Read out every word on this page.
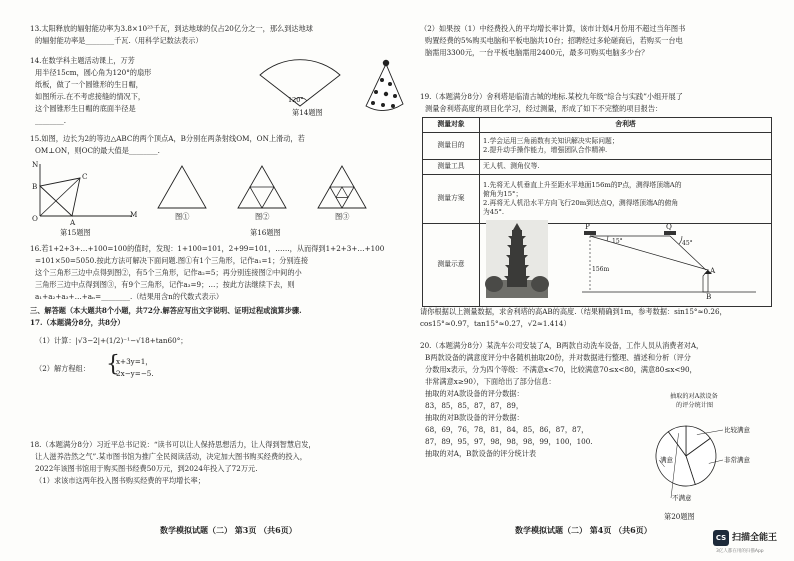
13.太阳释放的辐射能功率为3.8×10²³千瓦，到达地球的仅占20亿分之一，那么到达地球
的辐射能功率是________千瓦.（用科学记数法表示）
14.在数学科主题活动课上，万芳
用半径15cm，圆心角为120°的扇形
纸板，做了一个圆锥形的生日帽，
如图所示.在不考虑接缝的情况下，
这个圆锥形生日帽的底面半径是
________.
120°
第14题图
15.如图，边长为2的等边△ABC的两个顶点A，B分别在两条射线OM，ON上滑动，若
OM⊥ON，则OC的最大值是________.
N
B
C
O	A
M
第15题图
图①	图②	图③
第16题图
16.若1+2+3+…+100=100的值时，发现：1+100=101，2+99=101，……，从而得到1+2+3+…+100
=101×50=5050.按此方法可解决下面问题.图①有1个三角形，记作a₁=1；分别连接
这个三角形三边中点得到图②，有5个三角形，记作a₂=5；再分别连接图②中间的小
三角形三边中点得到图③，有9个三角形，记作a₃=9；…；按此方法继续下去，则
a₁+a₂+a₃+…+aₙ=________.（结果用含n的代数式表示）
三、解答题（本大题共8个小题，共72分.解答应写出文字说明、证明过程或演算步骤.
17.（本题满分8分，共8分）
（1）计算：|√3−2|+(1/2)⁻¹−√18+tan60°；
（2）解方程组： {
x+3y=1，
2x−y=−5.
18.（本题满分8分）习近平总书记说：“读书可以让人保持思想活力，让人得到智慧启发，
让人滋养浩然之气”.某市图书馆为推广全民阅读活动，决定加大图书购买经费的投入，
2022年该图书馆用于购买图书经费50万元，到2024年投入了72万元.
（1）求该市这两年投入图书购买经费的平均增长率；
数学模拟试题（二） 第3页 （共6页）
（2）如果按（1）中经费投入的平均增长率计算，该市计划4月份用不超过当年图书
购置经费的5%购买电脑和平板电脑共10台；招聘经过多轮磋商后，若购买一台电
脑需用3300元，一台平板电脑需用2400元，最多可购买电脑多少台？
19.（本题满分8分）舍利塔是临清古城的地标.某校九年级“综合与实践”小组开展了
测量舍利塔高度的项目化学习，经过测量，形成了如下不完整的项目报告：
测量对象	舍利塔
测量目的	1.学会运用三角函数有关知识解决实际问题；
2.提升动手操作能力，增强团队合作精神.
测量工具	无人机、测角仪等.
测量方案	1.先将无人机垂直上升至距水平地面156m的P点，测得塔顶端A的
俯角为15°；
2.再将无人机沿水平方向飞行20m到达点Q，测得塔顶端A的俯角
为45°.
测量示意	
P	Q
15°	45°
A
B
156m
请你根据以上测量数据，求舍利塔的高AB的高度.（结果精确到1m，参考数据：sin15°≈0.26，
cos15°≈0.97，tan15°≈0.27，√2≈1.414）
20.（本题满分8分）某洗车公司安装了A，B两款自动洗车设备，工作人员从消费者对A，
B两款设备的满意度评分中各随机抽取20份，并对数据进行整理、描述和分析（评分
分数用x表示，分为四个等级：不满意x<70，比较满意70≤x<80，满意80≤x<90，
非常满意x≥90），下面给出了部分信息：
抽取的对A款设备的评分数据：
83，85，85，87，87，89，
抽取的对B款设备的评分数据：
68，69，76，78，81，84，85，86，87，87，
87，89，95，97，98，98，98，99，100，100.
抽取的对A，B款设备的评分统计表
抽取的对A款设备
的评分统计图
比较满意
非常满意
满意
不满意
第20题图
数学模拟试题（二） 第4页 （共6页）
CS 扫描全能王
3亿人都在用的扫描App
